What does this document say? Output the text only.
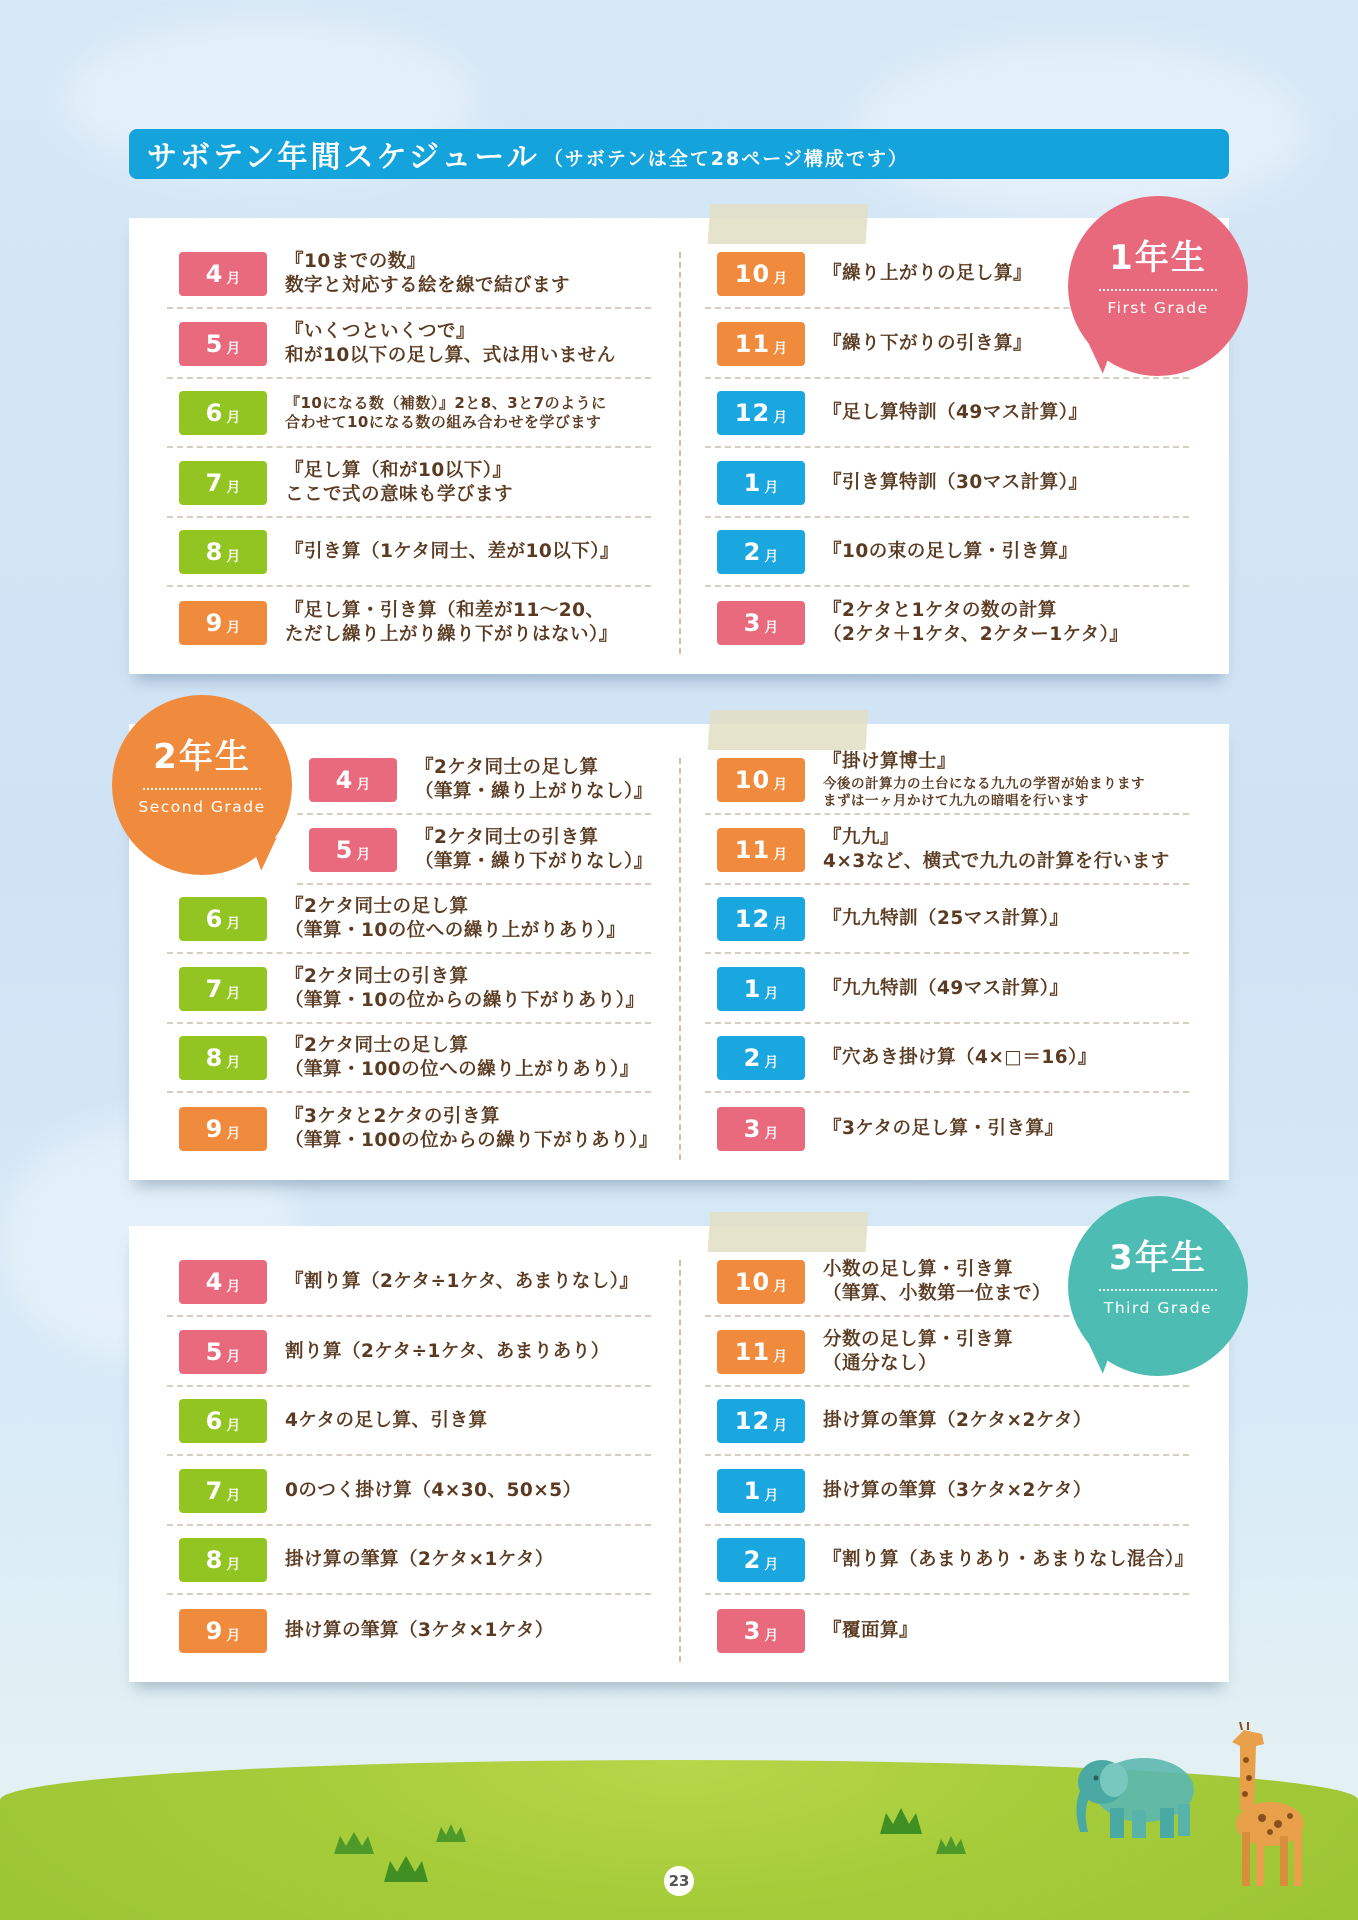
サボテン年間スケジュール （サボテンは全て28ページ構成です）
4 月
『10までの数』
数字と対応する絵を線で結びます
5 月
『いくつといくつで』
和が10以下の足し算、式は用いません
6 月
『10になる数（補数）』2と8、3と7のように
合わせて10になる数の組み合わせを学びます
7 月
『足し算（和が10以下）』
ここで式の意味も学びます
8 月 『引き算（1ケタ同士、差が10以下）』
9 月
『足し算・引き算（和差が11～20、
ただし繰り上がり繰り下がりはない）』
10 月 『繰り上がりの足し算』
11 月 『繰り下がりの引き算』
12 月 『足し算特訓（49マス計算）』
1 月 『引き算特訓（30マス計算）』
2 月 『10の束の足し算・引き算』
3 月
『2ケタと1ケタの数の計算
（2ケタ＋1ケタ、2ケター1ケタ）』
4 月
『2ケタ同士の足し算
（筆算・繰り上がりなし）』
5 月
『2ケタ同士の引き算
（筆算・繰り下がりなし）』
6 月
『2ケタ同士の足し算
（筆算・10の位への繰り上がりあり）』
7 月
『2ケタ同士の引き算
（筆算・10の位からの繰り下がりあり）』
8 月
『2ケタ同士の足し算
（筆算・100の位への繰り上がりあり）』
9 月
『3ケタと2ケタの引き算
（筆算・100の位からの繰り下がりあり）』
10 月
『掛け算博士』
今後の計算力の土台になる九九の学習が始まります
まずは一ヶ月かけて九九の暗唱を行います
11 月
『九九』
4×3など、横式で九九の計算を行います
12 月 『九九特訓（25マス計算）』
1 月 『九九特訓（49マス計算）』
2 月 『穴あき掛け算（4×□＝16）』
3 月 『3ケタの足し算・引き算』
4 月 『割り算（2ケタ÷1ケタ、あまりなし）』
5 月 割り算（2ケタ÷1ケタ、あまりあり）
6 月 4ケタの足し算、引き算
7 月 0のつく掛け算（4×30、50×5）
8 月 掛け算の筆算（2ケタ×1ケタ）
9 月 掛け算の筆算（3ケタ×1ケタ）
10 月
小数の足し算・引き算
（筆算、小数第一位まで）
11 月
分数の足し算・引き算
（通分なし）
12 月 掛け算の筆算（2ケタ×2ケタ）
1 月 掛け算の筆算（3ケタ×2ケタ）
2 月 『割り算（あまりあり・あまりなし混合）』
3 月 『覆面算』
23
1年生
First Grade
2年生
Second Grade
3年生
Third Grade
